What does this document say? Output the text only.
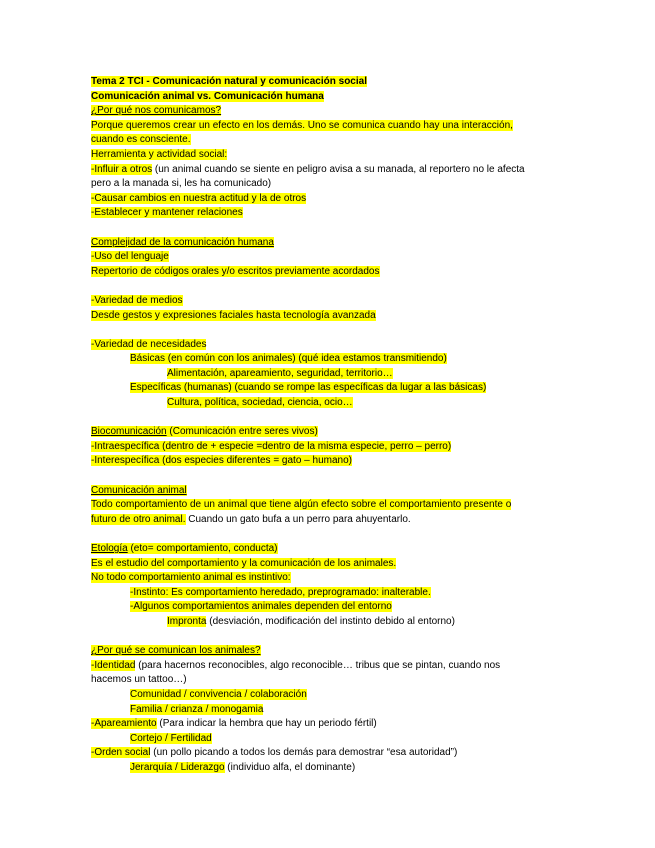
Tema 2 TCI - Comunicación natural y comunicación social
Comunicación animal vs. Comunicación humana
¿Por qué nos comunicamos?
Porque queremos crear un efecto en los demás. Uno se comunica cuando hay una interacción,
cuando es consciente.
Herramienta y actividad social:
-Influir a otros (un animal cuando se siente en peligro avisa a su manada, al reportero no le afecta
pero a la manada si, les ha comunicado)
-Causar cambios en nuestra actitud y la de otros
-Establecer y mantener relaciones
Complejidad de la comunicación humana
-Uso del lenguaje
Repertorio de códigos orales y/o escritos previamente acordados
-Variedad de medios
Desde gestos y expresiones faciales hasta tecnología avanzada
-Variedad de necesidades
Básicas (en común con los animales) (qué idea estamos transmitiendo)
Alimentación, apareamiento, seguridad, territorio…
Específicas (humanas) (cuando se rompe las específicas da lugar a las básicas)
Cultura, política, sociedad, ciencia, ocio…
Biocomunicación (Comunicación entre seres vivos)
-Intraespecífica (dentro de + especie =dentro de la misma especie, perro – perro)
-Interespecífica (dos especies diferentes = gato – humano)
Comunicación animal
Todo comportamiento de un animal que tiene algún efecto sobre el comportamiento presente o
futuro de otro animal. Cuando un gato bufa a un perro para ahuyentarlo.
Etología (eto= comportamiento, conducta)
Es el estudio del comportamiento y la comunicación de los animales.
No todo comportamiento animal es instintivo:
-Instinto: Es comportamiento heredado, preprogramado: inalterable.
-Algunos comportamientos animales dependen del entorno
Impronta (desviación, modificación del instinto debido al entorno)
¿Por qué se comunican los animales?
-Identidad (para hacernos reconocibles, algo reconocible… tribus que se pintan, cuando nos
hacemos un tattoo…)
Comunidad / convivencia / colaboración
Familia / crianza / monogamia
-Apareamiento (Para indicar la hembra que hay un periodo fértil)
Cortejo / Fertilidad
-Orden social (un pollo picando a todos los demás para demostrar “esa autoridad”)
Jerarquía / Liderazgo (individuo alfa, el dominante)
